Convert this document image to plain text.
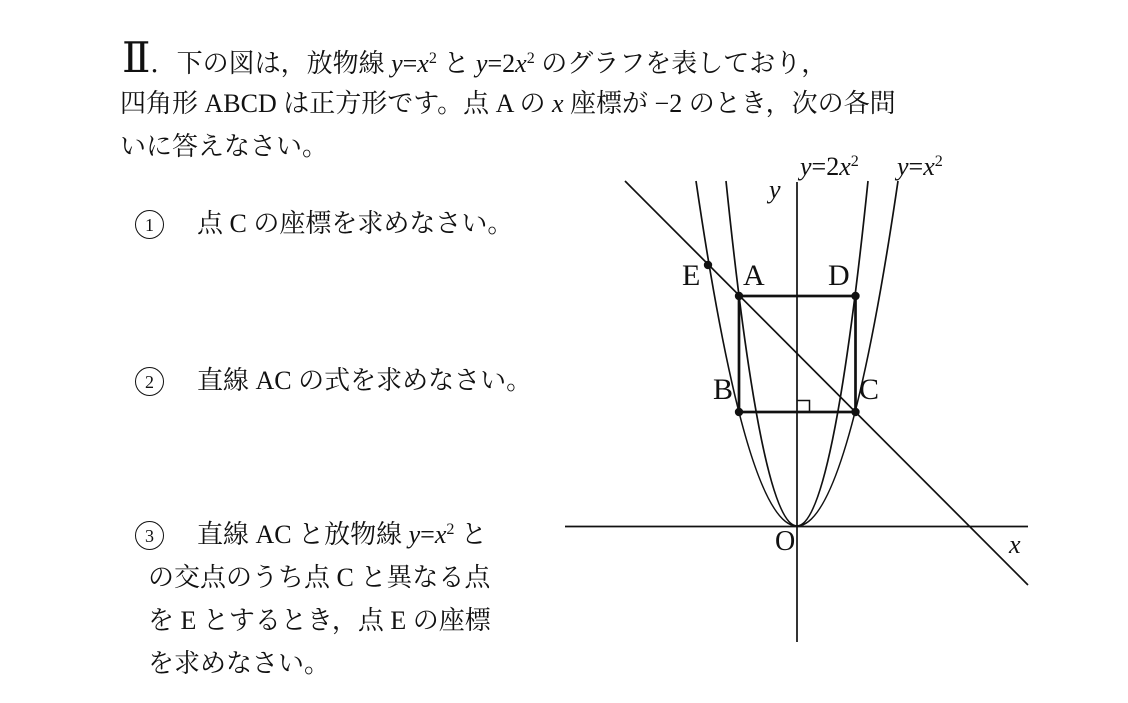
Ⅱ．下の図は，放物線 $y=x^2$ と $y=2x^2$ のグラフを表しており，
四角形 ABCD は正方形です。点 A の x 座標が −2 のとき，次の各問
いに答えなさい。
1	点 C の座標を求めなさい。
2	直線 AC の式を求めなさい。
3	直線 AC と放物線 $y=x^2$ と
の交点のうち点 C と異なる点
を E とするとき，点 E の座標
を求めなさい。
$y=2x^2$ $y=x^2$
y
x
O
E A D
B	C
